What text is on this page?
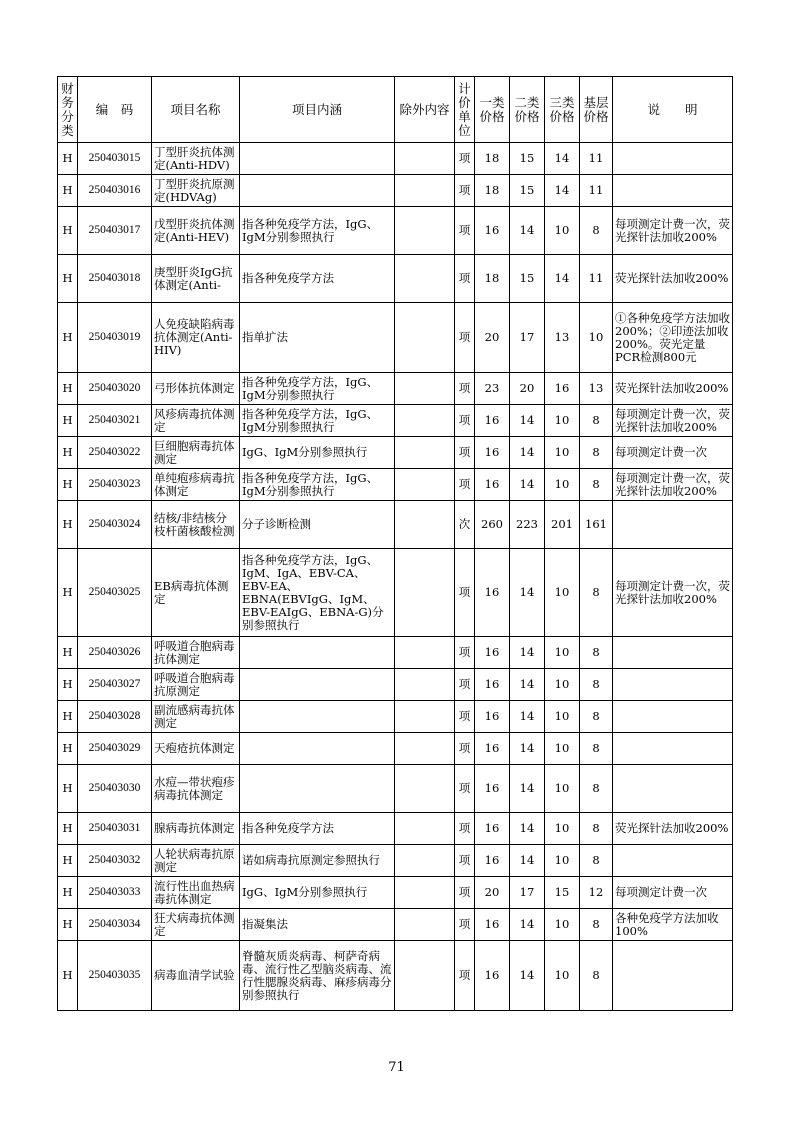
财务分类	编　码	项目名称	项目内涵	除外内容	计价单位	一类价格	二类价格	三类价格	基层价格	说　　明
H	250403015	丁型肝炎抗体测定(Anti-HDV)			项	18	15	14	11	
H	250403016	丁型肝炎抗原测定(HDVAg)			项	18	15	14	11	
H	250403017	戊型肝炎抗体测定(Anti-HEV)	指各种免疫学方法，IgG、IgM分别参照执行		项	16	14	10	8	每项测定计费一次，荧光探针法加收200%
H	250403018	庚型肝炎IgG抗体测定(Anti-	指各种免疫学方法		项	18	15	14	11	荧光探针法加收200%
H	250403019	人免疫缺陷病毒抗体测定(Anti-HIV)	指单扩法		项	20	17	13	10	①各种免疫学方法加收200%；②印迹法加收200%。荧光定量PCR检测800元
H	250403020	弓形体抗体测定	指各种免疫学方法，IgG、IgM分别参照执行		项	23	20	16	13	荧光探针法加收200%
H	250403021	风疹病毒抗体测定	指各种免疫学方法，IgG、IgM分别参照执行		项	16	14	10	8	每项测定计费一次，荧光探针法加收200%
H	250403022	巨细胞病毒抗体测定	IgG、IgM分别参照执行		项	16	14	10	8	每项测定计费一次
H	250403023	单纯疱疹病毒抗体测定	指各种免疫学方法，IgG、IgM分别参照执行		项	16	14	10	8	每项测定计费一次，荧光探针法加收200%
H	250403024	结核/非结核分枝杆菌核酸检测	分子诊断检测		次	260	223	201	161	
H	250403025	EB病毒抗体测定	指各种免疫学方法，IgG、IgM、IgA、EBV-CA、EBV-EA、EBNA(EBVIgG、IgM、EBV-EAIgG、EBNA-G)分别参照执行		项	16	14	10	8	每项测定计费一次，荧光探针法加收200%
H	250403026	呼吸道合胞病毒抗体测定			项	16	14	10	8	
H	250403027	呼吸道合胞病毒抗原测定			项	16	14	10	8	
H	250403028	副流感病毒抗体测定			项	16	14	10	8	
H	250403029	天疱疮抗体测定			项	16	14	10	8	
H	250403030	水痘—带状疱疹病毒抗体测定			项	16	14	10	8	
H	250403031	腺病毒抗体测定	指各种免疫学方法		项	16	14	10	8	荧光探针法加收200%
H	250403032	人轮状病毒抗原测定	诺如病毒抗原测定参照执行		项	16	14	10	8	
H	250403033	流行性出血热病毒抗体测定	IgG、IgM分别参照执行		项	20	17	15	12	每项测定计费一次
H	250403034	狂犬病毒抗体测定	指凝集法		项	16	14	10	8	各种免疫学方法加收100%
H	250403035	病毒血清学试验	脊髓灰质炎病毒、柯萨奇病毒、流行性乙型脑炎病毒、流行性腮腺炎病毒、麻疹病毒分别参照执行		项	16	14	10	8	
71
